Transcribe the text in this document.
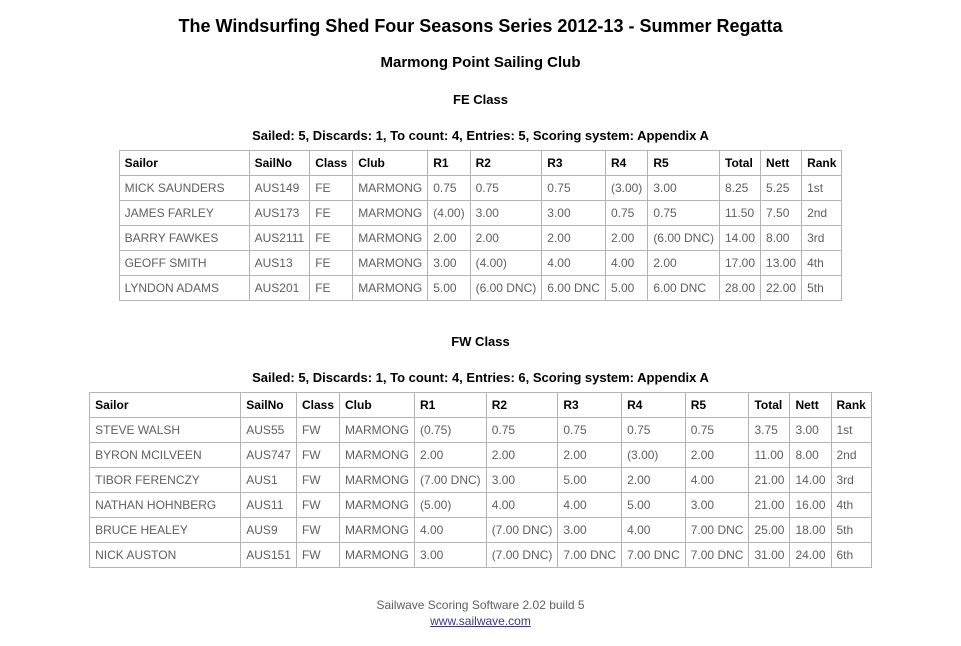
The Windsurfing Shed Four Seasons Series 2012-13 - Summer Regatta
Marmong Point Sailing Club
FE Class
Sailed: 5, Discards: 1, To count: 4, Entries: 5, Scoring system: Appendix A
Sailor	SailNo	Class	Club	R1	R2	R3	R4	R5	Total	Nett	Rank
MICK SAUNDERS	AUS149	FE	MARMONG	0.75	0.75	0.75	(3.00)	3.00	8.25	5.25	1st
JAMES FARLEY	AUS173	FE	MARMONG	(4.00)	3.00	3.00	0.75	0.75	11.50	7.50	2nd
BARRY FAWKES	AUS2111	FE	MARMONG	2.00	2.00	2.00	2.00	(6.00 DNC)	14.00	8.00	3rd
GEOFF SMITH	AUS13	FE	MARMONG	3.00	(4.00)	4.00	4.00	2.00	17.00	13.00	4th
LYNDON ADAMS	AUS201	FE	MARMONG	5.00	(6.00 DNC)	6.00 DNC	5.00	6.00 DNC	28.00	22.00	5th
FW Class
Sailed: 5, Discards: 1, To count: 4, Entries: 6, Scoring system: Appendix A
Sailor	SailNo	Class	Club	R1	R2	R3	R4	R5	Total	Nett	Rank
STEVE WALSH	AUS55	FW	MARMONG	(0.75)	0.75	0.75	0.75	0.75	3.75	3.00	1st
BYRON MCILVEEN	AUS747	FW	MARMONG	2.00	2.00	2.00	(3.00)	2.00	11.00	8.00	2nd
TIBOR FERENCZY	AUS1	FW	MARMONG	(7.00 DNC)	3.00	5.00	2.00	4.00	21.00	14.00	3rd
NATHAN HOHNBERG	AUS11	FW	MARMONG	(5.00)	4.00	4.00	5.00	3.00	21.00	16.00	4th
BRUCE HEALEY	AUS9	FW	MARMONG	4.00	(7.00 DNC)	3.00	4.00	7.00 DNC	25.00	18.00	5th
NICK AUSTON	AUS151	FW	MARMONG	3.00	(7.00 DNC)	7.00 DNC	7.00 DNC	7.00 DNC	31.00	24.00	6th
Sailwave Scoring Software 2.02 build 5
www.sailwave.com
